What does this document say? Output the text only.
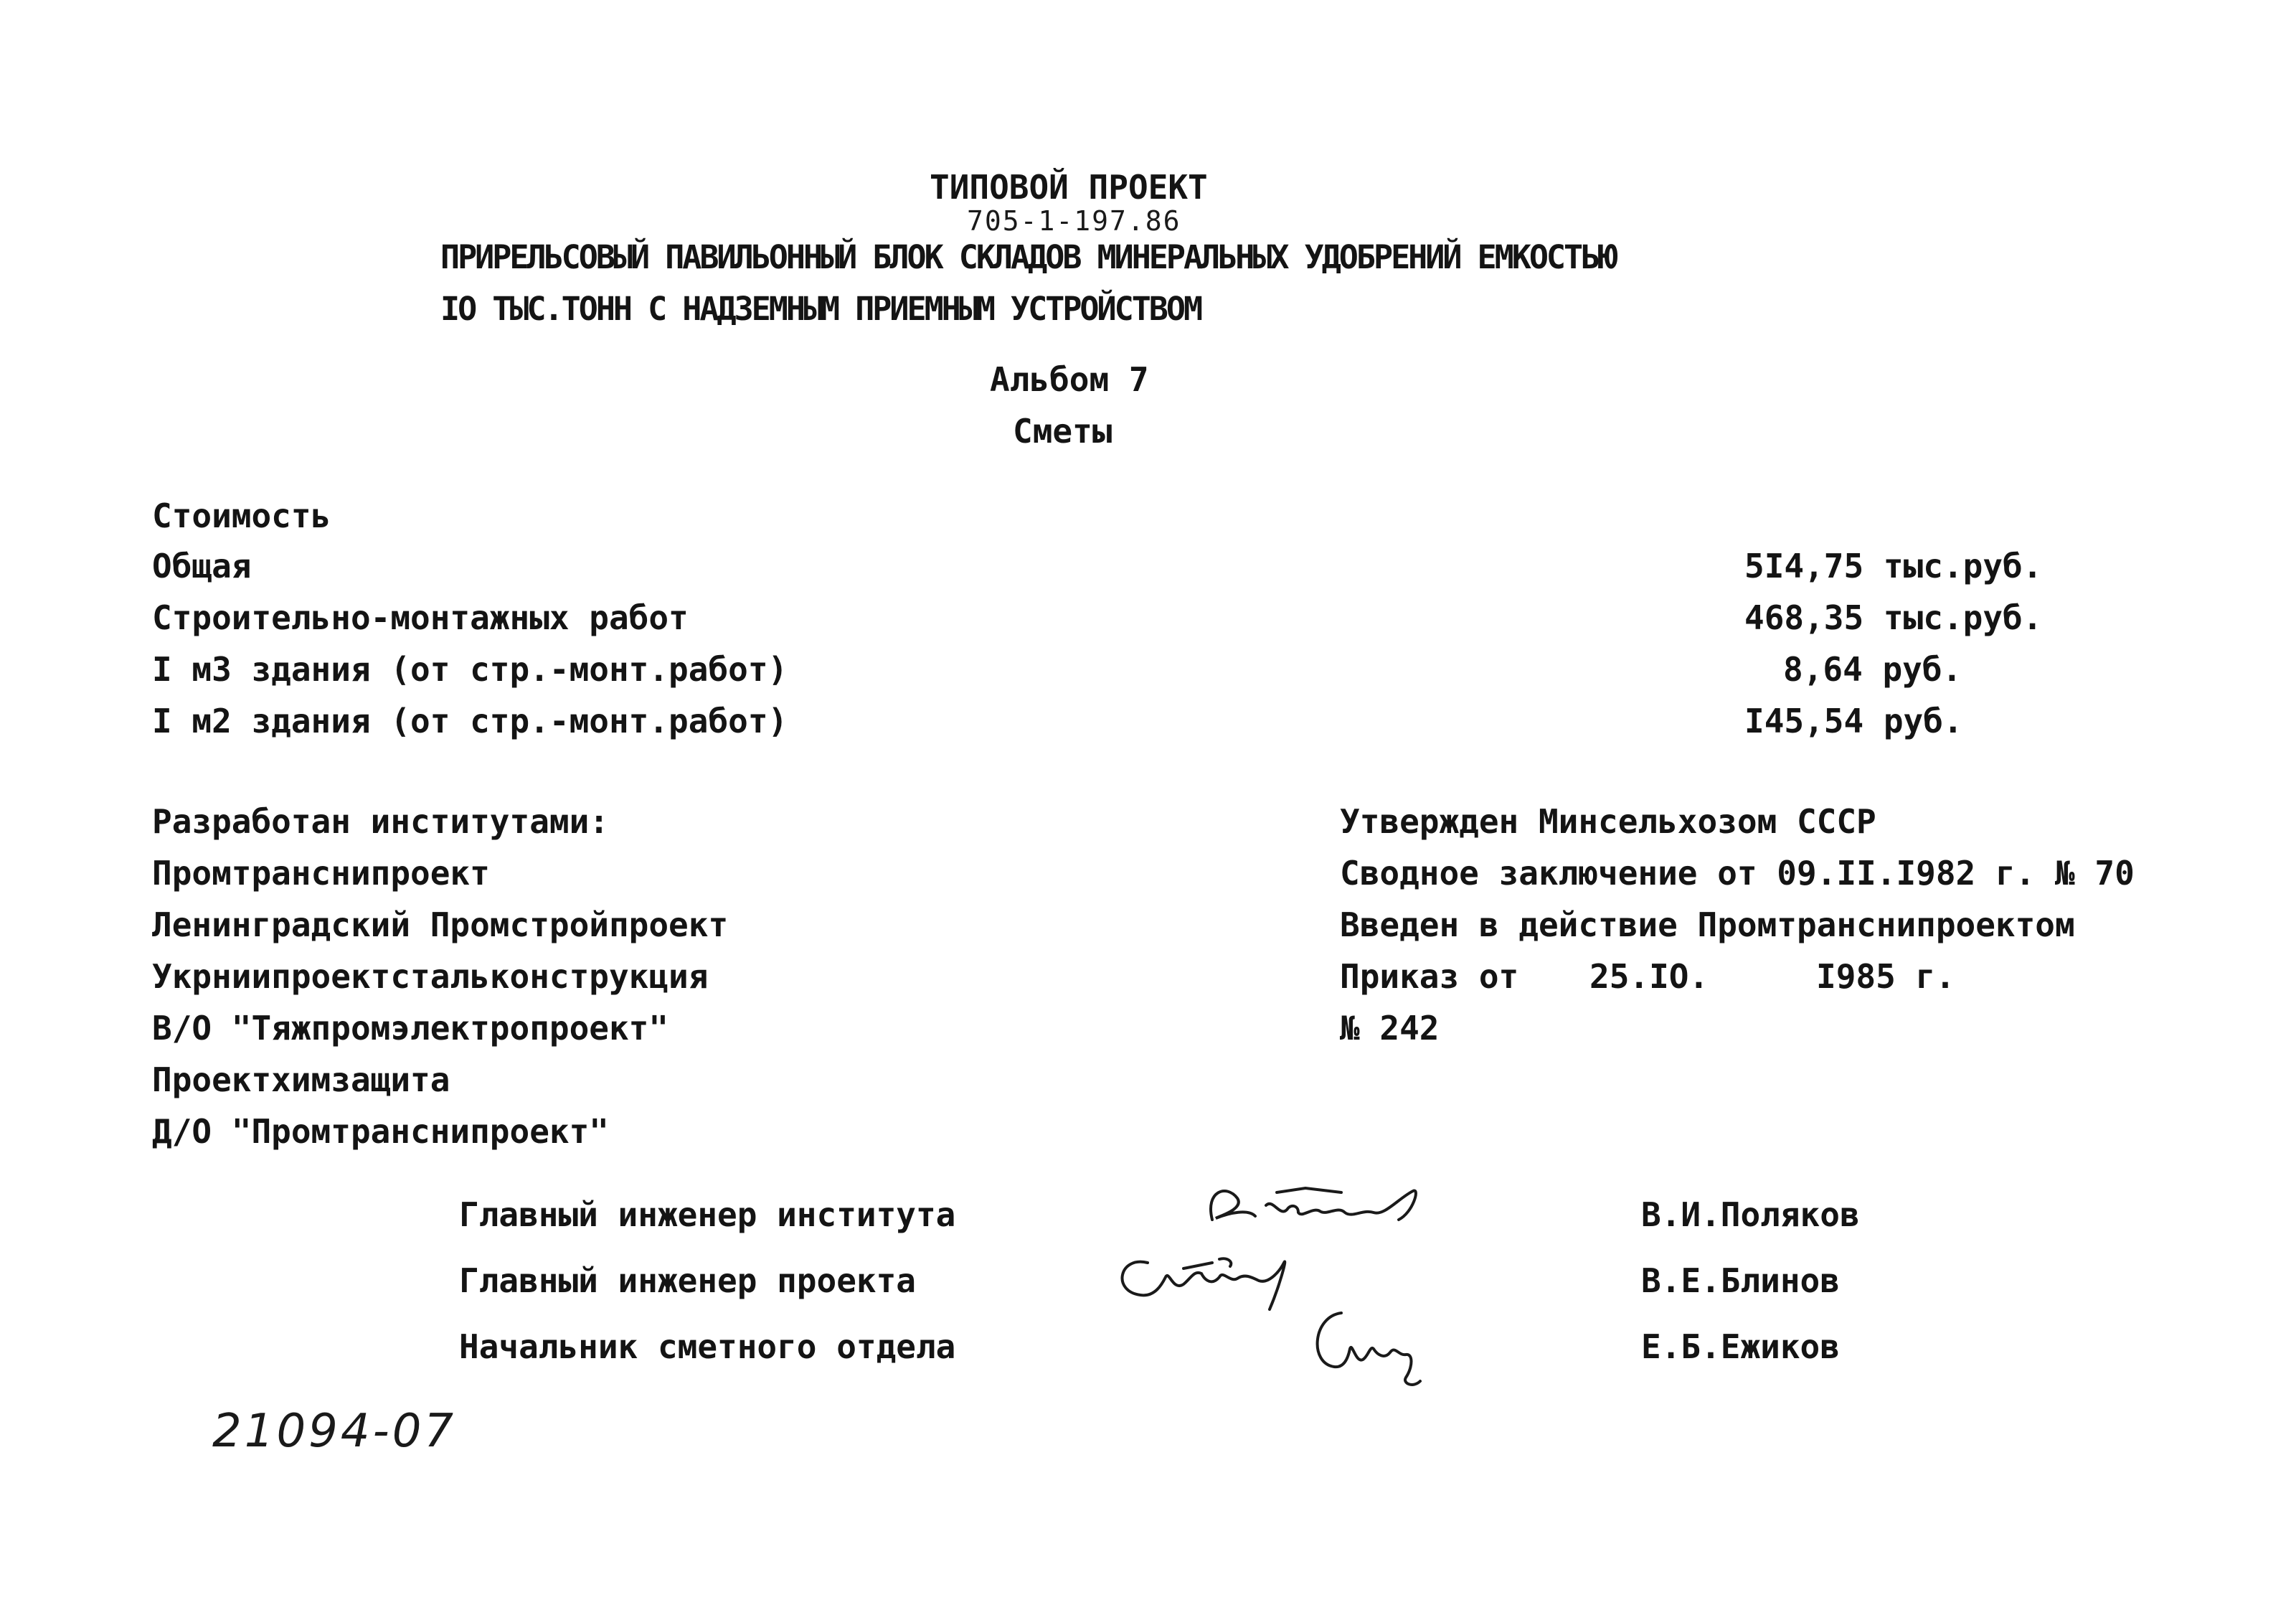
ТИПОВОЙ ПРОЕКТ
705-1-197.86
ПРИРЕЛЬСОВЫЙ ПАВИЛЬОННЫЙ БЛОК СКЛАДОВ МИНЕРАЛЬНЫХ УДОБРЕНИЙ ЕМКОСТЬЮ
IO ТЫС.ТОНН С НАДЗЕМНЫМ ПРИЕМНЫМ УСТРОЙСТВОМ
Альбом 7
Сметы
Стоимость
Общая	5I4,75 тыс.руб.
Строительно-монтажных работ	468,35 тыс.руб.
I м3 здания (от стр.-монт.работ)	8,64 руб.
I м2 здания (от стр.-монт.работ)	I45,54 руб.
Разработан институтами:
Промтранснипроект
Ленинградский Промстройпроект
Укрниипроектстальконструкция
В/О "Тяжпромэлектропроект"
Проектхимзащита
Д/О "Промтранснипроект"
Утвержден Минсельхозом СССР
Сводное заключение от 09.II.I982 г. № 70
Введен в действие Промтранснипроектом
Приказ от 25.IO.	I985 г.
№ 242
Главный инженер института	В.И.Поляков
Главный инженер проекта	В.Е.Блинов
Начальник сметного отдела	Е.Б.Ежиков
21094-07
